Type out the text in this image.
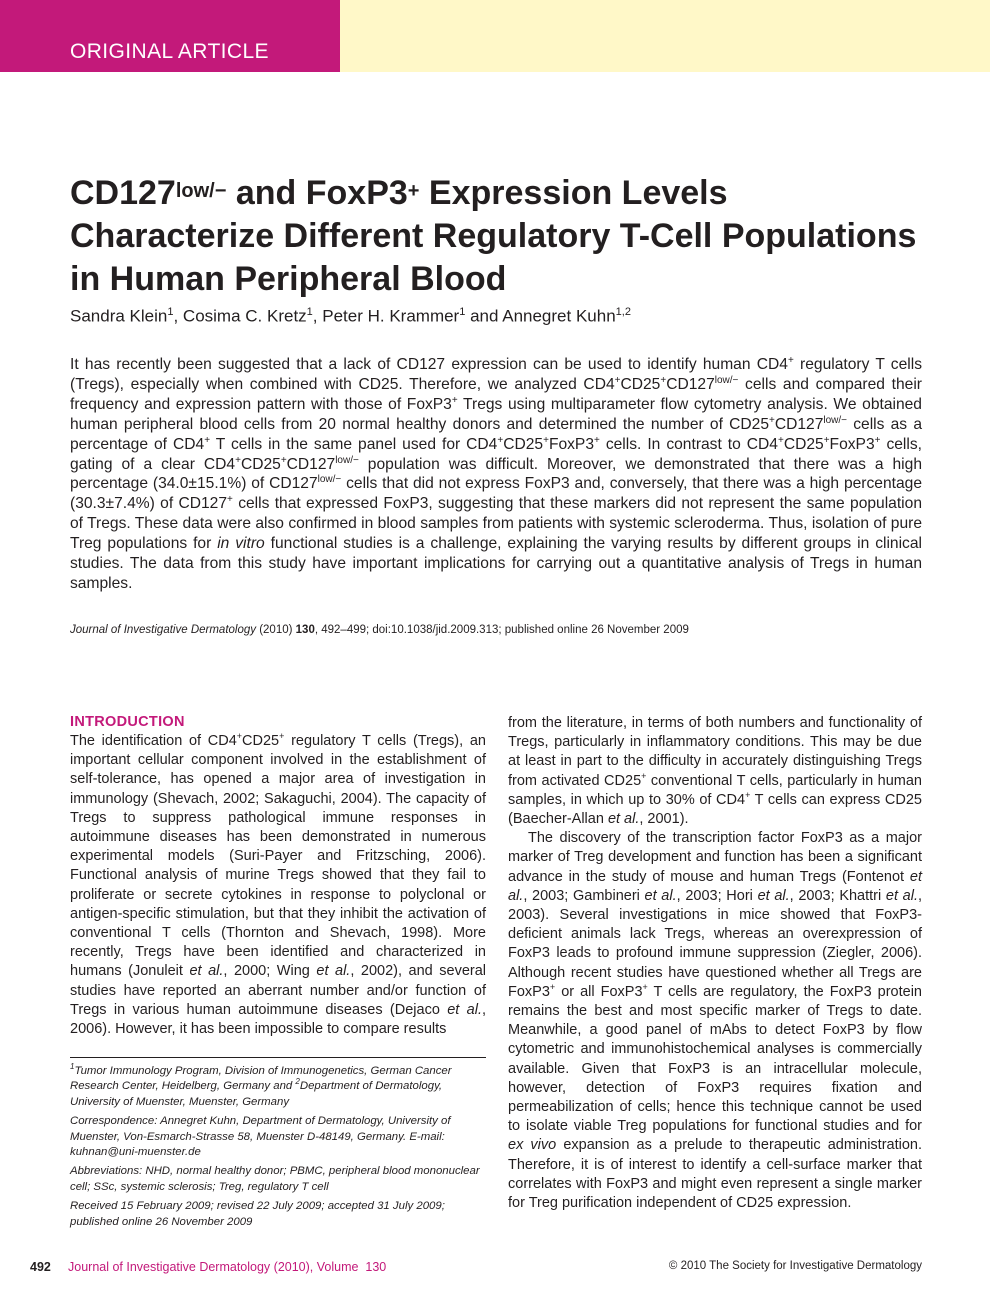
ORIGINAL ARTICLE
$CD127^{low/-}$ and FoxP3+ Expression Levels Characterize Different Regulatory T-Cell Populations in Human Peripheral Blood
Sandra Klein$^1$, Cosima C. Kretz$^1$, Peter H. Krammer$^1$ and Annegret Kuhn$^{1,2}$

It has recently been suggested that a lack of CD127 expression can be used to identify human CD4+ regulatory T cells (Tregs), especially when combined with CD25. Therefore, we analyzed $CD4^+CD25^+CD127^{low/-}$ cells and compared their frequency and expression pattern with those of FoxP3+ Tregs using multiparameter flow cytometry analysis. We obtained human peripheral blood cells from 20 normal healthy donors and determined the number of $CD25^+CD127^{low/-}$ cells as a percentage of CD4+ T cells in the same panel used for CD4+CD25+FoxP3+ cells. In contrast to CD4+CD25+FoxP3+ cells, gating of a clear $CD4^+CD25^+CD127^{low/-}$ population was difficult. Moreover, we demonstrated that there was a high percentage (34.0±15.1%) of $CD127^{low/-}$ cells that did not express FoxP3 and, conversely, that there was a high percentage (30.3±7.4%) of CD127+ cells that expressed FoxP3, suggesting that these markers did not represent the same population of Tregs. These data were also confirmed in blood samples from patients with systemic scleroderma. Thus, isolation of pure Treg populations for in vitro functional studies is a challenge, explaining the varying results by different groups in clinical studies. The data from this study have important implications for carrying out a quantitative analysis of Tregs in human samples.

Journal of Investigative Dermatology (2010) 130, 492–499; doi:10.1038/jid.2009.313; published online 26 November 2009
INTRODUCTION

The identification of CD4+CD25+ regulatory T cells (Tregs), an important cellular component involved in the establishment of self-tolerance, has opened a major area of investigation in immunology (Shevach, 2002; Sakaguchi, 2004). The capacity of Tregs to suppress pathological immune responses in autoimmune diseases has been demonstrated in numerous experimental models (Suri-Payer and Fritzsching, 2006). Functional analysis of murine Tregs showed that they fail to proliferate or secrete cytokines in response to polyclonal or antigen-specific stimulation, but that they inhibit the activation of conventional T cells (Thornton and Shevach, 1998). More recently, Tregs have been identified and characterized in humans (Jonuleit et al., 2000; Wing et al., 2002), and several studies have reported an aberrant number and/or function of Tregs in various human autoimmune diseases (Dejaco et al., 2006). However, it has been impossible to compare results

from the literature, in terms of both numbers and functionality of Tregs, particularly in inflammatory conditions. This may be due at least in part to the difficulty in accurately distinguishing Tregs from activated CD25+ conventional T cells, particularly in human samples, in which up to 30% of CD4+ T cells can express CD25 (Baecher-Allan et al., 2001).

The discovery of the transcription factor FoxP3 as a major marker of Treg development and function has been a significant advance in the study of mouse and human Tregs (Fontenot et al., 2003; Gambineri et al., 2003; Hori et al., 2003; Khattri et al., 2003). Several investigations in mice showed that FoxP3-deficient animals lack Tregs, whereas an overexpression of FoxP3 leads to profound immune suppression (Ziegler, 2006). Although recent studies have questioned whether all Tregs are FoxP3+ or all FoxP3+ T cells are regulatory, the FoxP3 protein remains the best and most specific marker of Tregs to date. Meanwhile, a good panel of mAbs to detect FoxP3 by flow cytometric and immunohistochemical analyses is commercially available. Given that FoxP3 is an intracellular molecule, however, detection of FoxP3 requires fixation and permeabilization of cells; hence this technique cannot be used to isolate viable Treg populations for functional studies and for ex vivo expansion as a prelude to therapeutic administration. Therefore, it is of interest to identify a cell-surface marker that correlates with FoxP3 and might even represent a single marker for Treg purification independent of CD25 expression.

$^1$Tumor Immunology Program, Division of Immunogenetics, German Cancer Research Center, Heidelberg, Germany and $^2$Department of Dermatology, University of Muenster, Muenster, Germany

Correspondence: Annegret Kuhn, Department of Dermatology, University of Muenster, Von-Esmarch-Strasse 58, Muenster D-48149, Germany. E-mail: kuhnan@uni-muenster.de

Abbreviations: NHD, normal healthy donor; PBMC, peripheral blood mononuclear cell; SSc, systemic sclerosis; Treg, regulatory T cell

Received 15 February 2009; revised 22 July 2009; accepted 31 July 2009; published online 26 November 2009

492 Journal of Investigative Dermatology (2010), Volume  130	© 2010 The Society for Investigative Dermatology
